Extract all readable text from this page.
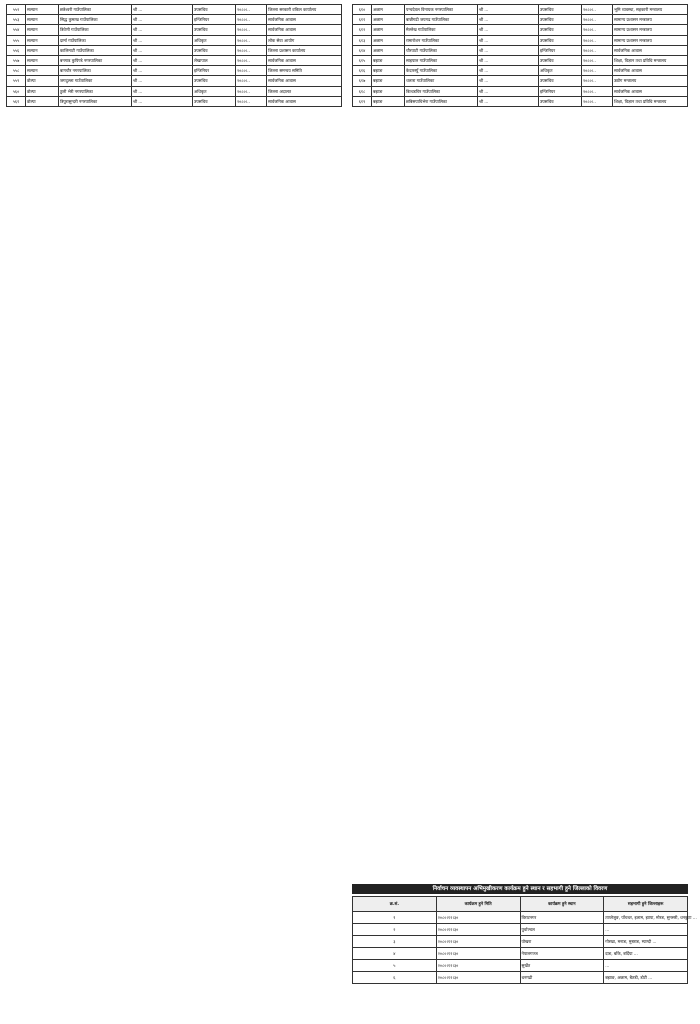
५५२	सल्यान	छत्रेश्वरी गाउँपालिका	श्री ...	उपसचिव	२०८०।..	जिल्ला सरकारी वकिल कार्यालय
५५३	सल्यान	सिद्ध कुमाख गाउँपालिका	श्री ...	इन्जिनियर	२०८०।..	सार्वजनिक आवास
५५४	सल्यान	त्रिवेणी गाउँपालिका	श्री ...	उपसचिव	२०८०।..	सार्वजनिक आवास
५५५	सल्यान	दार्मा गाउँपालिका	श्री ...	अधिकृत	२०८०।..	लोक सेवा आयोग
५५६	सल्यान	कालिमाटी गाउँपालिका	श्री ...	उपसचिव	२०८०।..	जिल्ला प्रशासन कार्यालय
५५७	सल्यान	बनगाड कुपिण्डे नगरपालिका	श्री ...	लेखापाल	२०८०।..	सार्वजनिक आवास
५५८	सल्यान	बागचौर नगरपालिका	श्री ...	इन्जिनियर	२०८०।..	जिल्ला समन्वय समिति
५५९	डोल्पा	जगदुल्ला गाउँपालिका	श्री ...	उपसचिव	२०८०।..	सार्वजनिक आवास
५६०	डोल्पा	ठुली भेरी नगरपालिका	श्री ...	अधिकृत	२०८०।..	जिल्ला अदालत
५६१	डोल्पा	त्रिपुरासुन्दरी नगरपालिका	श्री ...	उपसचिव	२०८०।..	सार्वजनिक आवास
६१०	अछाम	पन्चदेवल विनायक नगरपालिका	श्री ...	उपसचिव	२०८०।..	भूमि व्यवस्था, सहकारी मन्त्रालय
६११	अछाम	बान्नीगढी जयगढ गाउँपालिका	श्री ...	उपसचिव	२०८०।..	सामान्य प्रशासन मन्त्रालय
६१२	अछाम	मेल्लेख गाउँपालिका	श्री ...	उपसचिव	२०८०।..	सामान्य प्रशासन मन्त्रालय
६१३	अछाम	रामारोशन गाउँपालिका	श्री ...	उपसचिव	२०८०।..	सामान्य प्रशासन मन्त्रालय
६१४	अछाम	चौरपाटी गाउँपालिका	श्री ...	इन्जिनियर	२०८०।..	सार्वजनिक आवास
६१५	बझाङ	साइपाल गाउँपालिका	श्री ...	उपसचिव	२०८०।..	शिक्षा, विज्ञान तथा प्रविधि मन्त्रालय
६१६	बझाङ	केदारस्युँ गाउँपालिका	श्री ...	अधिकृत	२०८०।..	सार्वजनिक आवास
६१७	बझाङ	थलारा गाउँपालिका	श्री ...	उपसचिव	२०८०।..	उद्योग मन्त्रालय
६१८	बझाङ	बित्थडचिर गाउँपालिका	श्री ...	इन्जिनियर	२०८०।..	सार्वजनिक आवास
६१९	बझाङ	छबिसपाथिभेरा गाउँपालिका	श्री ...	उपसचिव	२०८०।..	शिक्षा, विज्ञान तथा प्रविधि मन्त्रालय
निर्वाचन व्यवस्थापन अभिमुखीकरण कार्यक्रम हुने स्थान र सहभागी हुने जिल्लाको विवरण
क्र.सं.	कार्यक्रम हुने मिति	कार्यक्रम हुने स्थान	सहभागी हुने जिल्लाहरू
१	२०८०।१२।३०	विराटनगर	ताप्लेजुङ, पाँचथर, इलाम, झापा, मोरङ, सुनसरी, धनकुटा ...
२	२०८०।१२।३०	पुर्वाञ्चल	...
३	२०८०।१२।३०	पोखरा	गोरखा, मनाङ, मुस्ताङ, म्याग्दी ...
४	२०८०।१२।३०	नेपालगञ्ज	दाङ, बाँके, बर्दिया ...
५	२०८०।१२।३०	सुर्खेत	...
६	२०८०।१२।३०	धनगढी	बझाङ, अछाम, बैतडी, डोटी ...
